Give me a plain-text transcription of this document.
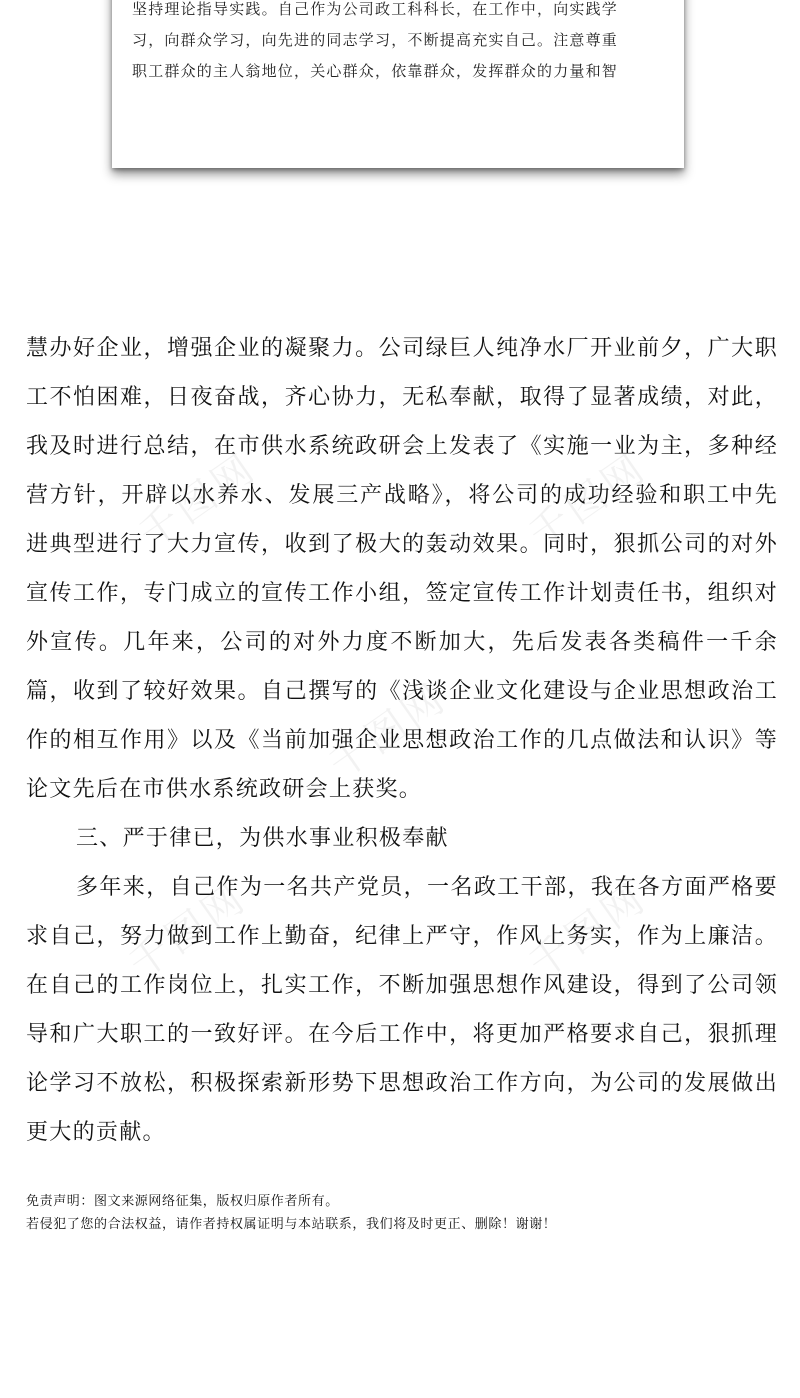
坚持理论指导实践。自己作为公司政工科科长，在工作中，向实践学
习，向群众学习，向先进的同志学习，不断提高充实自己。注意尊重
职工群众的主人翁地位，关心群众，依靠群众，发挥群众的力量和智
千图网	千图网
千图网
千图网	千图网

慧办好企业，增强企业的凝聚力。公司绿巨人纯净水厂开业前夕，广大职工不怕困难，日夜奋战，齐心协力，无私奉献，取得了显著成绩，对此，我及时进行总结，在市供水系统政研会上发表了《实施一业为主，多种经营方针，开辟以水养水、发展三产战略》，将公司的成功经验和职工中先进典型进行了大力宣传，收到了极大的轰动效果。同时，狠抓公司的对外宣传工作，专门成立的宣传工作小组，签定宣传工作计划责任书，组织对外宣传。几年来，公司的对外力度不断加大，先后发表各类稿件一千余篇，收到了较好效果。自己撰写的《浅谈企业文化建设与企业思想政治工作的相互作用》以及《当前加强企业思想政治工作的几点做法和认识》等论文先后在市供水系统政研会上获奖。

三、严于律已，为供水事业积极奉献

多年来，自己作为一名共产党员，一名政工干部，我在各方面严格要求自己，努力做到工作上勤奋，纪律上严守，作风上务实，作为上廉洁。在自己的工作岗位上，扎实工作，不断加强思想作风建设，得到了公司领导和广大职工的一致好评。在今后工作中，将更加严格要求自己，狠抓理论学习不放松，积极探索新形势下思想政治工作方向，为公司的发展做出更大的贡献。

免责声明：图文来源网络征集，版权归原作者所有。

若侵犯了您的合法权益，请作者持权属证明与本站联系，我们将及时更正、删除！谢谢！
